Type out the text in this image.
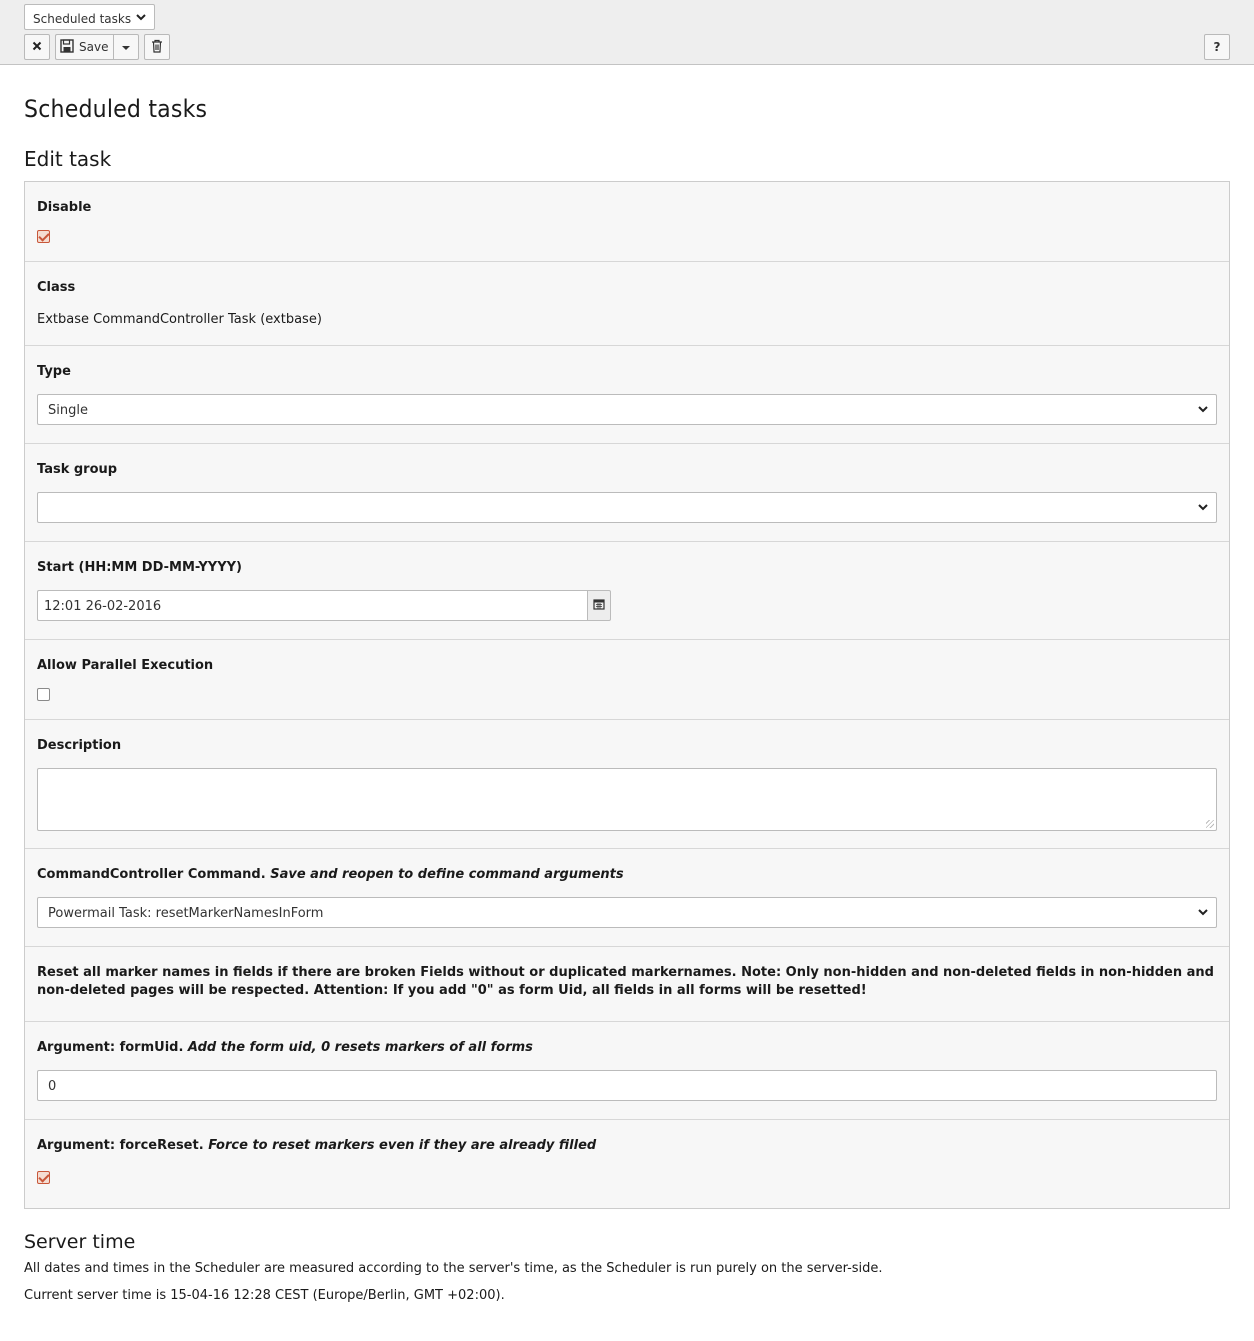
Scheduled tasks
Save	?
Scheduled tasks
Edit task

Disable

Class

Extbase CommandController Task (extbase)

Type

Single

Task group

Start (HH:MM DD-MM-YYYY)

12:01 26-02-2016

Allow Parallel Execution

Description

CommandController Command. Save and reopen to define command arguments

Powermail Task: resetMarkerNamesInForm
Reset all marker names in fields if there are broken Fields without or duplicated markernames. Note: Only non-hidden and non-deleted fields in non-hidden and non-deleted pages will be respected. Attention: If you add "0" as form Uid, all fields in all forms will be resetted!

Argument: formUid. Add the form uid, 0 resets markers of all forms

0

Argument: forceReset. Force to reset markers even if they are already filled

Server time

All dates and times in the Scheduler are measured according to the server's time, as the Scheduler is run purely on the server-side.

Current server time is 15-04-16 12:28 CEST (Europe/Berlin, GMT +02:00).
